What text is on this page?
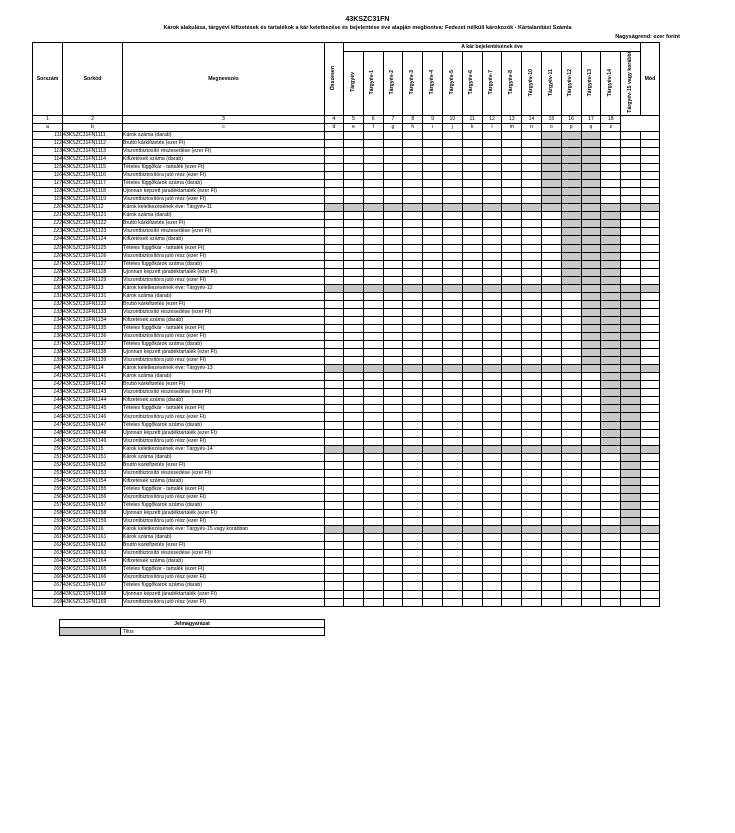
43KSZC31FN
Károk alakulása, tárgyévi kifizetések és tartalékok a kár keletkezése és bejelentése éve alapján megbontva: Fedezet nélküli károkozók - Kártalanítási Számla
Nagyságrend: ezer forint
Sorszám	Sorkód	Megnevezés	Összesen	A kár bejelentésének éve															Mód
				Tárgyév	Tárgyév-1	Tárgyév-2	Tárgyév-3	Tárgyév-4	Tárgyév-5	Tárgyév-6	Tárgyév-7	Tárgyév-8	Tárgyév-10	Tárgyév-11	Tárgyév-12	Tárgyév-13	Tárgyév-14	Tárgyév-15 vagy korábbi	
1	2	3	4	5	6	7	8	9	10	11	12	13	14	15	16	17	18		
a	b	c	d	e	f	g	h	i	j	k	l	m	n	o	p	q	z		
111	43KSZC31FN1111	Károk száma (darab)																	
112	43KSZC31FN1112	Bruttó kárkifizetés (ezer Ft)																	
113	43KSZC31FN1113	Viszontbiztosító részesedése (ezer Ft)																	
114	43KSZC31FN1114	Kifizetések száma (darab)																	
115	43KSZC31FN1115	Tételes függőkár - tartalék (ezer Ft)																	
116	43KSZC31FN1116	Viszontbiztosítóra jutó rész (ezer Ft)																	
117	43KSZC31FN1117	Tételes függőkárok száma (darab)																	
118	43KSZC31FN1118	Újonnan képzett járadéktartalék (ezer Ft)																	
119	43KSZC31FN1119	Viszontbiztosítóra jutó rész (ezer Ft)																	
120	43KSZC31FN112	Károk keletkezésének éve: Tárgyév-11																	
121	43KSZC31FN1121	Károk száma (darab)																	
122	43KSZC31FN1122	Bruttó kárkifizetés (ezer Ft)																	
123	43KSZC31FN1123	Viszontbiztosító részesedése (ezer Ft)																	
124	43KSZC31FN1124	Kifizetések száma (darab)																	
125	43KSZC31FN1125	Tételes függőkár - tartalék (ezer Ft)																	
126	43KSZC31FN1126	Viszontbiztosítóra jutó rész (ezer Ft)																	
127	43KSZC31FN1127	Tételes függőkárok száma (darab)																	
128	43KSZC31FN1128	Újonnan képzett járadéktartalék (ezer Ft)																	
129	43KSZC31FN1129	Viszontbiztosítóra jutó rész (ezer Ft)																	
130	43KSZC31FN113	Károk keletkezésének éve: Tárgyév-12																	
131	43KSZC31FN1131	Károk száma (darab)																	
132	43KSZC31FN1132	Bruttó kárkifizetés (ezer Ft)																	
133	43KSZC31FN1133	Viszontbiztosító részesedése (ezer Ft)																	
134	43KSZC31FN1134	Kifizetések száma (darab)																	
135	43KSZC31FN1135	Tételes függőkár - tartalék (ezer Ft)																	
136	43KSZC31FN1136	Viszontbiztosítóra jutó rész (ezer Ft)																	
137	43KSZC31FN1137	Tételes függőkárok száma (darab)																	
138	43KSZC31FN1138	Újonnan képzett járadéktartalék (ezer Ft)																	
139	43KSZC31FN1139	Viszontbiztosítóra jutó rész (ezer Ft)																	
140	43KSZC31FN114	Károk keletkezésének éve: Tárgyév-13																	
141	43KSZC31FN1141	Károk száma (darab)																	
142	43KSZC31FN1142	Bruttó kárkifizetés (ezer Ft)																	
143	43KSZC31FN1143	Viszontbiztosító részesedése (ezer Ft)																	
144	43KSZC31FN1144	Kifizetések száma (darab)																	
145	43KSZC31FN1145	Tételes függőkár - tartalék (ezer Ft)																	
146	43KSZC31FN1146	Viszontbiztosítóra jutó rész (ezer Ft)																	
147	43KSZC31FN1147	Tételes függőkárok száma (darab)																	
148	43KSZC31FN1148	Újonnan képzett járadéktartalék (ezer Ft)																	
149	43KSZC31FN1149	Viszontbiztosítóra jutó rész (ezer Ft)																	
150	43KSZC31FN115	Károk keletkezésének éve: Tárgyév-14																	
151	43KSZC31FN1151	Károk száma (darab)																	
152	43KSZC31FN1152	Bruttó kárkifizetés (ezer Ft)																	
153	43KSZC31FN1153	Viszontbiztosító részesedése (ezer Ft)																	
154	43KSZC31FN1154	Kifizetések száma (darab)																	
155	43KSZC31FN1155	Tételes függőkár - tartalék (ezer Ft)																	
156	43KSZC31FN1156	Viszontbiztosítóra jutó rész (ezer Ft)																	
157	43KSZC31FN1157	Tételes függőkárok száma (darab)																	
158	43KSZC31FN1158	Újonnan képzett járadéktartalék (ezer Ft)																	
159	43KSZC31FN1159	Viszontbiztosítóra jutó rész (ezer Ft)																	
160	43KSZC31FN116	Károk keletkezésének éve: Tárgyév-15 vagy korábban																	
161	43KSZC31FN1161	Károk száma (darab)																	
162	43KSZC31FN1162	Bruttó kárkifizetés (ezer Ft)																	
163	43KSZC31FN1163	Viszontbiztosító részesedése (ezer Ft)																	
164	43KSZC31FN1164	Kifizetések száma (darab)																	
165	43KSZC31FN1165	Tételes függőkár - tartalék (ezer Ft)																	
166	43KSZC31FN1166	Viszontbiztosítóra jutó rész (ezer Ft)																	
167	43KSZC31FN1167	Tételes függőkárok száma (darab)																	
168	43KSZC31FN1168	Újonnan képzett járadéktartalék (ezer Ft)																	
169	43KSZC31FN1169	Viszontbiztosítóra jutó rész (ezer Ft)																	
Jelmagyarázat
	Tilos
